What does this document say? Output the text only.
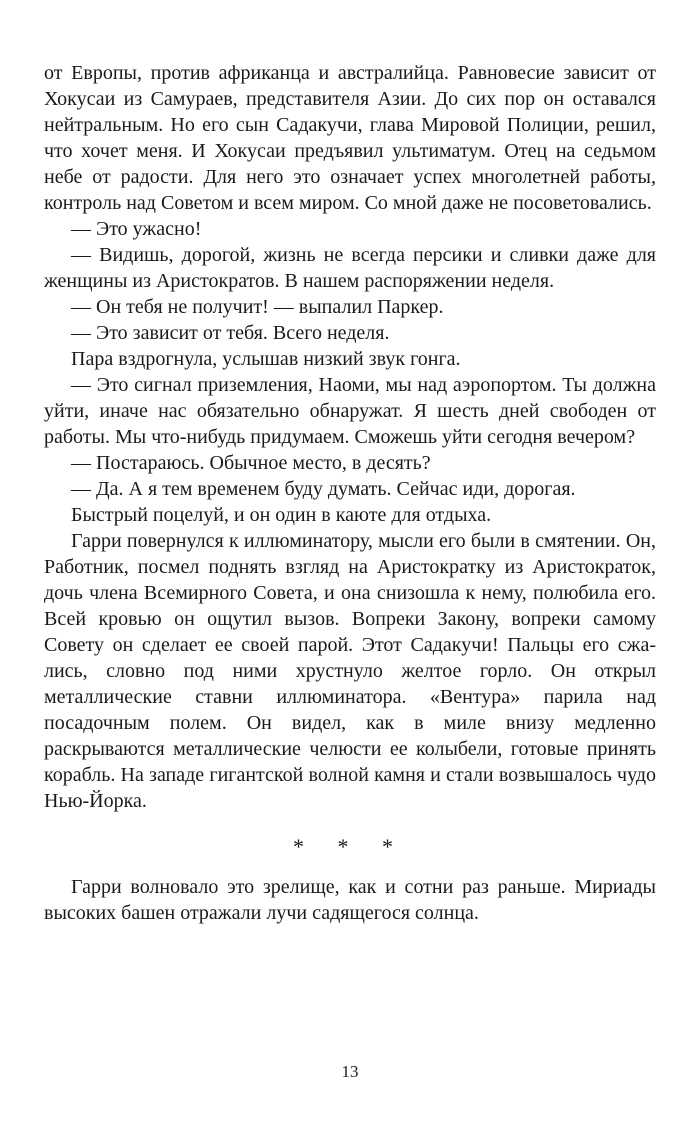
от Европы, против африканца и австралийца. Равновесие зависит от Хокусаи из Самураев, представителя Азии. До сих пор он оставался нейтральным. Но его сын Садакучи, глава Мировой Полиции, решил, что хочет меня. И Хокусаи предъявил ультиматум. Отец на седьмом небе от радости. Для него это означает успех многолетней работы, контроль над Советом и всем миром. Со мной даже не посоветовались.

— Это ужасно!

— Видишь, дорогой, жизнь не всегда персики и сливки даже для женщины из Аристократов. В нашем распоряжении неделя.

— Он тебя не получит! — выпалил Паркер.

— Это зависит от тебя. Всего неделя.

Пара вздрогнула, услышав низкий звук гонга.

— Это сигнал приземления, Наоми, мы над аэропортом. Ты должна уйти, иначе нас обязательно обнаружат. Я шесть дней свободен от работы. Мы что-нибудь придумаем. Сможешь уйти сегодня вечером?

— Постараюсь. Обычное место, в десять?

— Да. А я тем временем буду думать. Сейчас иди, дорогая.

Быстрый поцелуй, и он один в каюте для отдыха.

Гарри повернулся к иллюминатору, мысли его были в смятении. Он, Работник, посмел поднять взгляд на Аристократку из Аристократок, дочь члена Всемирного Совета, и она снизошла к нему, полюбила его. Всей кровью он ощутил вызов. Вопреки Закону, вопреки самому Совету он сделает ее своей парой. Этот Садакучи! Пальцы его сжались, словно под ними хрустнуло желтое горло. Он открыл металлические ставни иллюминатора. «Вентура» парила над посадочным полем. Он видел, как в миле внизу медленно раскрываются металлические челюсти ее колыбели, готовые принять корабль. На западе гигантской волной камня и стали возвышалось чудо Нью-Йорка.

* * *

Гарри волновало это зрелище, как и сотни раз раньше. Мириады высоких башен отражали лучи садящегося солнца.

13
